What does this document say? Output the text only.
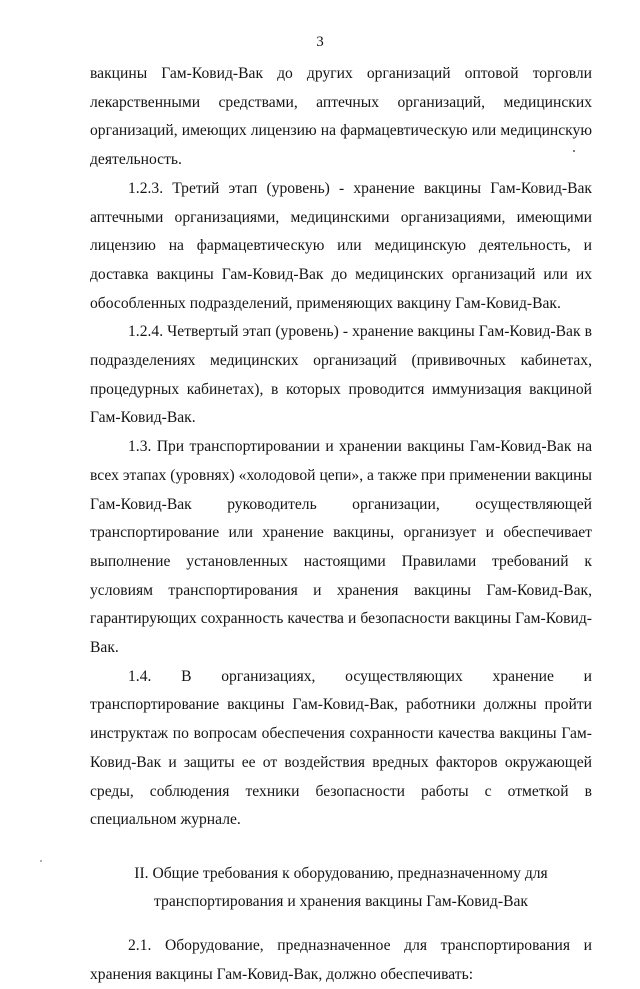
3

вакцины Гам-Ковид-Вак до других организаций оптовой торговли лекарственными средствами, аптечных организаций, медицинских организаций, имеющих лицензию на фармацевтическую или медицинскую деятельность.

1.2.3. Третий этап (уровень) - хранение вакцины Гам-Ковид-Вак аптечными организациями, медицинскими организациями, имеющими лицензию на фармацевтическую или медицинскую деятельность, и доставка вакцины Гам-Ковид-Вак до медицинских организаций или их обособленных подразделений, применяющих вакцину Гам-Ковид-Вак.

1.2.4. Четвертый этап (уровень) - хранение вакцины Гам-Ковид-Вак в подразделениях медицинских организаций (прививочных кабинетах, процедурных кабинетах), в которых проводится иммунизация вакциной Гам-Ковид-Вак.

1.3. При транспортировании и хранении вакцины Гам-Ковид-Вак на всех этапах (уровнях) «холодовой цепи», а также при применении вакцины Гам-Ковид-Вак руководитель организации, осуществляющей транспортирование или хранение вакцины, организует и обеспечивает выполнение установленных настоящими Правилами требований к условиям транспортирования и хранения вакцины Гам-Ковид-Вак, гарантирующих сохранность качества и безопасности вакцины Гам-Ковид-Вак.

1.4. В организациях, осуществляющих хранение и транспортирование вакцины Гам-Ковид-Вак, работники должны пройти инструктаж по вопросам обеспечения сохранности качества вакцины Гам-Ковид-Вак и защиты ее от воздействия вредных факторов окружающей среды, соблюдения техники безопасности работы с отметкой в специальном журнале.

II. Общие требования к оборудованию, предназначенному для
транспортирования и хранения вакцины Гам-Ковид-Вак

2.1. Оборудование, предназначенное для транспортирования и хранения вакцины Гам-Ковид-Вак, должно обеспечивать:
